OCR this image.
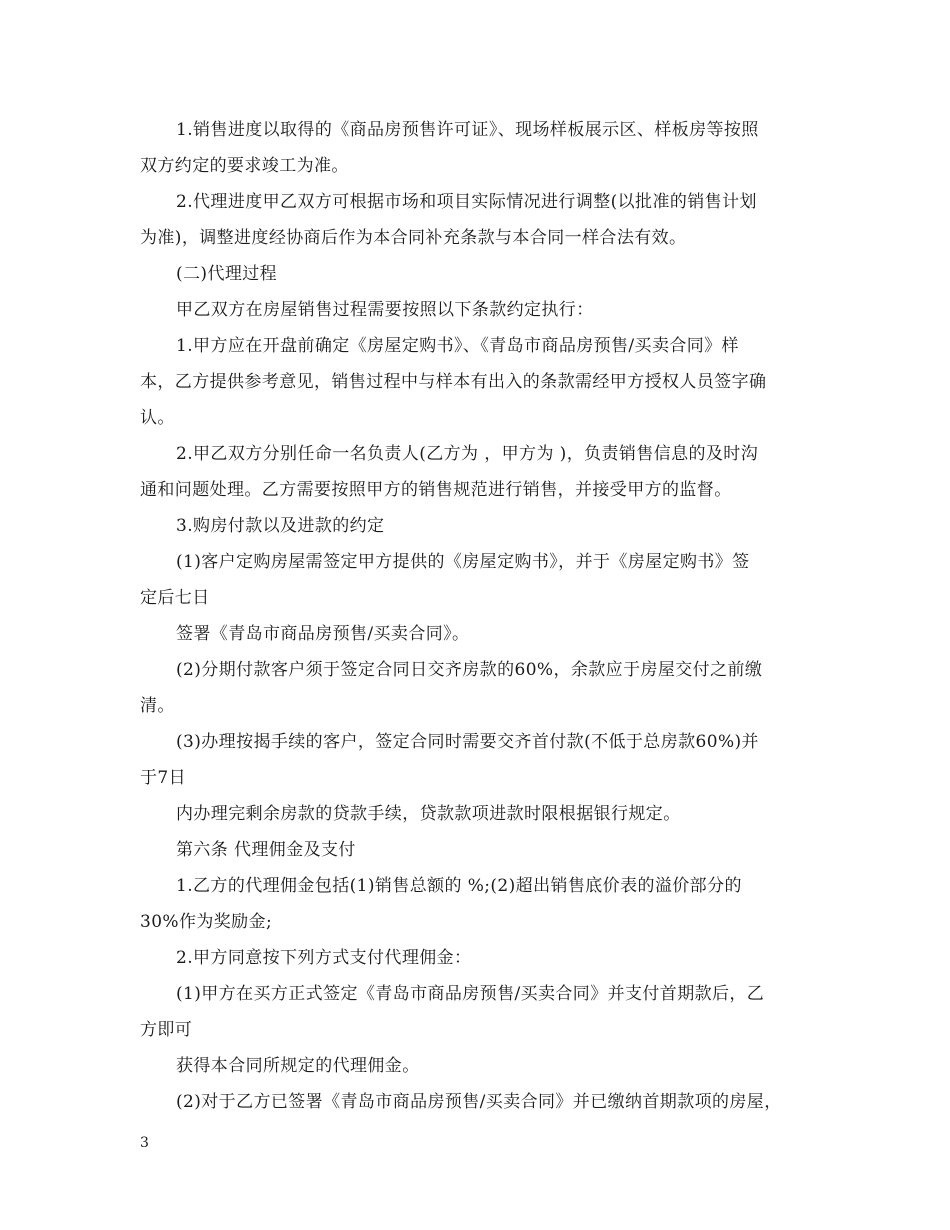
1.销售进度以取得的《商品房预售许可证》、现场样板展示区、样板房等按照
双方约定的要求竣工为准。
2.代理进度甲乙双方可根据市场和项目实际情况进行调整(以批准的销售计划
为准)，调整进度经协商后作为本合同补充条款与本合同一样合法有效。
(二)代理过程
甲乙双方在房屋销售过程需要按照以下条款约定执行：
1.甲方应在开盘前确定《房屋定购书》、《青岛市商品房预售/买卖合同》样
本，乙方提供参考意见，销售过程中与样本有出入的条款需经甲方授权人员签字确
认。
2.甲乙双方分别任命一名负责人(乙方为 ，甲方为 )，负责销售信息的及时沟
通和问题处理。乙方需要按照甲方的销售规范进行销售，并接受甲方的监督。
3.购房付款以及进款的约定
(1)客户定购房屋需签定甲方提供的《房屋定购书》，并于《房屋定购书》签
定后七日
签署《青岛市商品房预售/买卖合同》。
(2)分期付款客户须于签定合同日交齐房款的60%，余款应于房屋交付之前缴
清。
(3)办理按揭手续的客户，签定合同时需要交齐首付款(不低于总房款60%)并
于7日
内办理完剩余房款的贷款手续，贷款款项进款时限根据银行规定。
第六条 代理佣金及支付
1.乙方的代理佣金包括(1)销售总额的 %;(2)超出销售底价表的溢价部分的
30%作为奖励金;
2.甲方同意按下列方式支付代理佣金：
(1)甲方在买方正式签定《青岛市商品房预售/买卖合同》并支付首期款后，乙
方即可
获得本合同所规定的代理佣金。
(2)对于乙方已签署《青岛市商品房预售/买卖合同》并已缴纳首期款项的房屋，
3
